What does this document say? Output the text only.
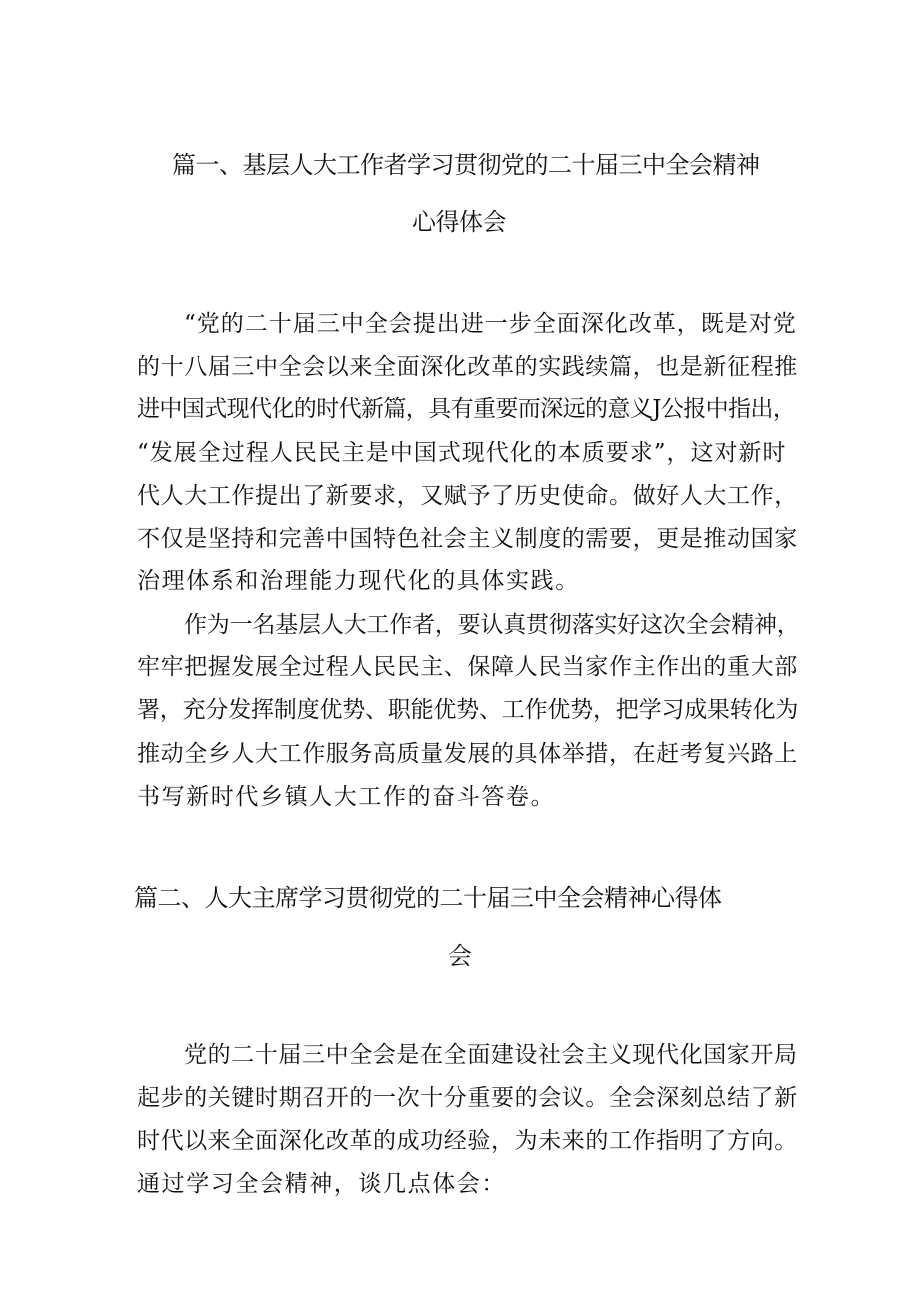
篇一、基层人大工作者学习贯彻党的二十届三中全会精神
心得体会
“党的二十届三中全会提出进一步全面深化改革，既是对党
的十八届三中全会以来全面深化改革的实践续篇，也是新征程推
进中国式现代化的时代新篇，具有重要而深远的意义J公报中指出，
“发展全过程人民民主是中国式现代化的本质要求”，这对新时
代人大工作提出了新要求，又赋予了历史使命。做好人大工作，
不仅是坚持和完善中国特色社会主义制度的需要，更是推动国家
治理体系和治理能力现代化的具体实践。
作为一名基层人大工作者，要认真贯彻落实好这次全会精神，
牢牢把握发展全过程人民民主、保障人民当家作主作出的重大部
署，充分发挥制度优势、职能优势、工作优势，把学习成果转化为
推动全乡人大工作服务高质量发展的具体举措，在赶考复兴路上
书写新时代乡镇人大工作的奋斗答卷。
篇二、人大主席学习贯彻党的二十届三中全会精神心得体
会
党的二十届三中全会是在全面建设社会主义现代化国家开局
起步的关键时期召开的一次十分重要的会议。全会深刻总结了新
时代以来全面深化改革的成功经验，为未来的工作指明了方向。
通过学习全会精神，谈几点体会：
